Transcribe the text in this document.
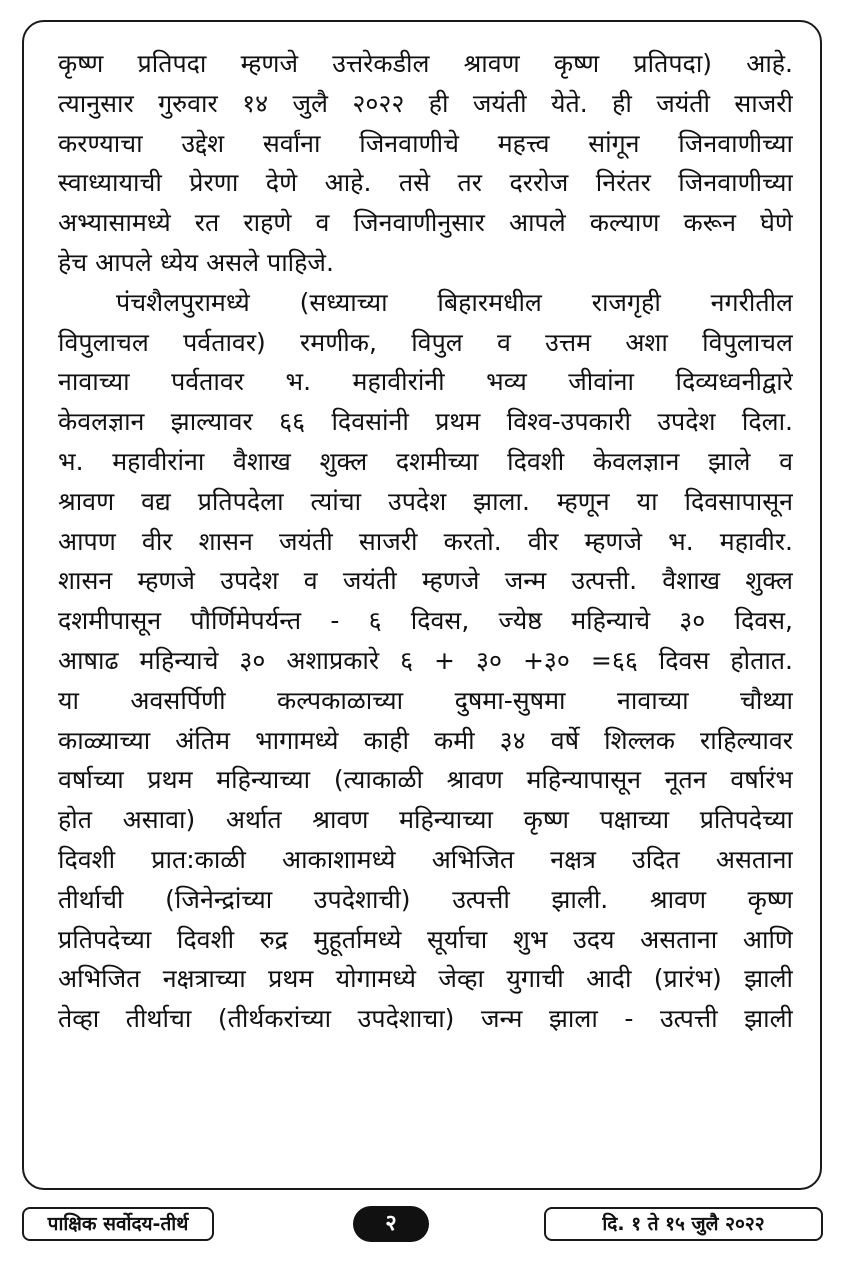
कृष्ण प्रतिपदा म्हणजे उत्तरेकडील श्रावण कृष्ण प्रतिपदा) आहे.
त्यानुसार गुरुवार १४ जुलै २०२२ ही जयंती येते. ही जयंती साजरी
करण्याचा उद्देश सर्वांना जिनवाणीचे महत्त्व सांगून जिनवाणीच्या
स्वाध्यायाची प्रेरणा देणे आहे. तसे तर दररोज निरंतर जिनवाणीच्या
अभ्यासामध्ये रत राहणे व जिनवाणीनुसार आपले कल्याण करून घेणे
हेच आपले ध्येय असले पाहिजे.
पंचशैलपुरामध्ये (सध्याच्या बिहारमधील राजगृही नगरीतील
विपुलाचल पर्वतावर) रमणीक, विपुल व उत्तम अशा विपुलाचल
नावाच्या पर्वतावर भ. महावीरांनी भव्य जीवांना दिव्यध्वनीद्वारे
केवलज्ञान झाल्यावर ६६ दिवसांनी प्रथम विश्व-उपकारी उपदेश दिला.
भ. महावीरांना वैशाख शुक्ल दशमीच्या दिवशी केवलज्ञान झाले व
श्रावण वद्य प्रतिपदेला त्यांचा उपदेश झाला. म्हणून या दिवसापासून
आपण वीर शासन जयंती साजरी करतो. वीर म्हणजे भ. महावीर.
शासन म्हणजे उपदेश व जयंती म्हणजे जन्म उत्पत्ती. वैशाख शुक्ल
दशमीपासून पौर्णिमेपर्यन्त - ६ दिवस, ज्येष्ठ महिन्याचे ३० दिवस,
आषाढ महिन्याचे ३० अशाप्रकारे ६ + ३० +३० =६६ दिवस होतात.
या अवसर्पिणी कल्पकाळाच्या दुषमा-सुषमा नावाच्या चौथ्या
काळ्याच्या अंतिम भागामध्ये काही कमी ३४ वर्षे शिल्लक राहिल्यावर
वर्षाच्या प्रथम महिन्याच्या (त्याकाळी श्रावण महिन्यापासून नूतन वर्षारंभ
होत असावा) अर्थात श्रावण महिन्याच्या कृष्ण पक्षाच्या प्रतिपदेच्या
दिवशी प्रात:काळी आकाशामध्ये अभिजित नक्षत्र उदित असताना
तीर्थाची (जिनेन्द्रांच्या उपदेशाची) उत्पत्ती झाली. श्रावण कृष्ण
प्रतिपदेच्या दिवशी रुद्र मुहूर्तामध्ये सूर्याचा शुभ उदय असताना आणि
अभिजित नक्षत्राच्या प्रथम योगामध्ये जेव्हा युगाची आदी (प्रारंभ) झाली
तेव्हा तीर्थाचा (तीर्थकरांच्या उपदेशाचा) जन्म झाला - उत्पत्ती झाली
पाक्षिक सर्वोदय-तीर्थ	२	दि. १ ते १५ जुलै २०२२
